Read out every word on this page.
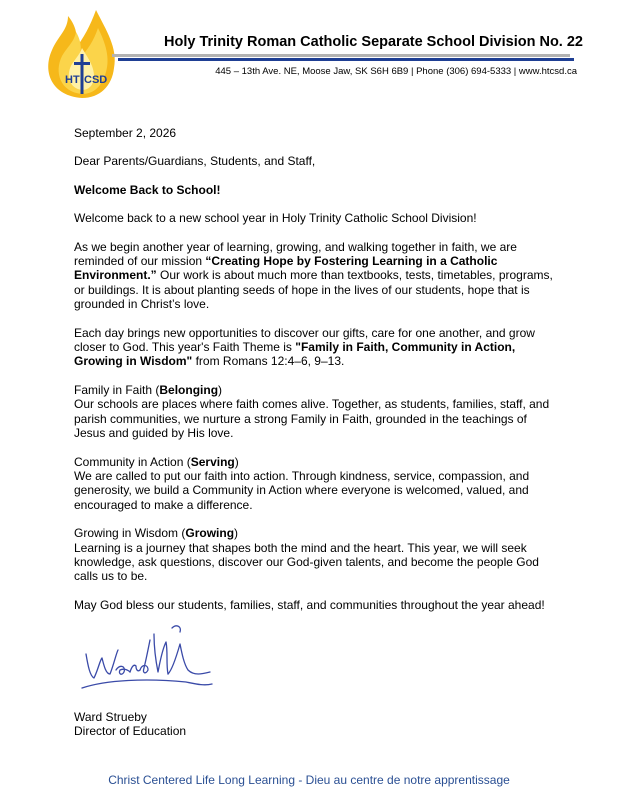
HT CSD
Holy Trinity Roman Catholic Separate School Division No. 22
445 – 13th Ave. NE, Moose Jaw, SK S6H 6B9 | Phone (306) 694-5333 | www.htcsd.ca

September 2, 2026

Dear Parents/Guardians, Students, and Staff,

Welcome Back to School!

Welcome back to a new school year in Holy Trinity Catholic School Division!

As we begin another year of learning, growing, and walking together in faith, we are reminded of our mission “Creating Hope by Fostering Learning in a Catholic Environment.” Our work is about much more than textbooks, tests, timetables, programs, or buildings. It is about planting seeds of hope in the lives of our students, hope that is grounded in Christ’s love.

Each day brings new opportunities to discover our gifts, care for one another, and grow closer to God. This year's Faith Theme is "Family in Faith, Community in Action, Growing in Wisdom" from Romans 12:4–6, 9–13.

Family in Faith (Belonging)
Our schools are places where faith comes alive. Together, as students, families, staff, and parish communities, we nurture a strong Family in Faith, grounded in the teachings of Jesus and guided by His love.

Community in Action (Serving)
We are called to put our faith into action. Through kindness, service, compassion, and generosity, we build a Community in Action where everyone is welcomed, valued, and encouraged to make a difference.

Growing in Wisdom (Growing)
Learning is a journey that shapes both the mind and the heart. This year, we will seek knowledge, ask questions, discover our God-given talents, and become the people God calls us to be.

May God bless our students, families, staff, and communities throughout the year ahead!

Ward Strueby
Director of Education
Christ Centered Life Long Learning - Dieu au centre de notre apprentissage
